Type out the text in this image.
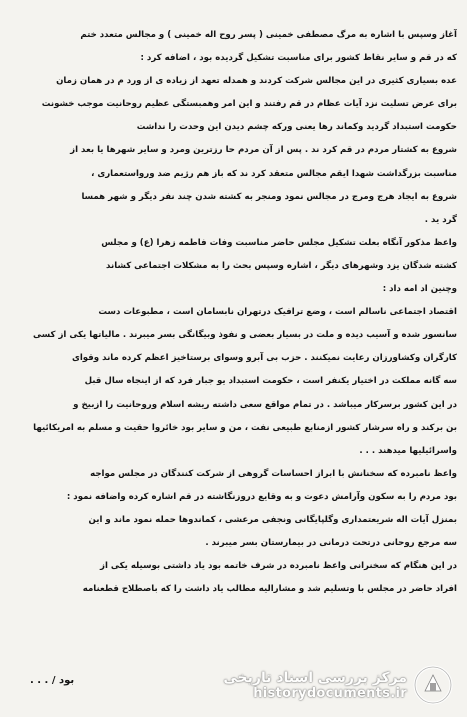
آغاز وسپس با اشاره به مرگ مصطفی خمینی ( پسر روح اله خمینی ) و مجالس متعدد ختم
که در قم و سایر نقاط کشور برای مناسبت تشکیل گردیده بود ، اضافه کرد :
عده بسیاری کثیری در این مجالس شرکت کردند و همدله تعهد از زیاده ی از ورد م در همان زمان
برای عرض تسلیت نزد آیات عظام در قم رفتند و این امر وهمبستگی عظیم روحانیت موجب خشونت
حکومت استبداد گردید وکماند رها یعنی ورکه چشم دیدن این وحدت را نداشت
شروع به کشتار مردم در قم کرد ند . پس از آن مردم حا رزترین ومرد و سایر شهرها یا بعد از
مناسبت بزرگداشت شهدا ایقم مجالس متعقد کرد ند که باز هم رژیم ضد ورواستعماری ،
شروع به ایجاد هرج ومرج در مجالس نمود ومنجر به کشته شدن چند نفر دیگر و شهر همسا
گرد ید .
واعظ مذکور آنگاه بعلت تشکیل مجلس حاضر مناسبت وفات فاطمه زهرا (ع) و مجلس
کشته شدگان یزد وشهرهای دیگر ، اشاره وسپس بحث را به مشکلات اجتماعی کشاند
وچنین اد امه داد :
اقتصاد اجتماعی ناسالم است ، وضع ترافیک درتهران نابسامان است ، مطبوعات دست
سانسور شده و آسیب دیده و ملت در بسیار بعضی و نفوذ وبیگانگی بسر میبرند . مالیاتها یکی از کسی
کارگران وکشاورزان رعایت نمیکنند . حزب بی آبرو وسوای برستاخیز اعظم کرده ماند وقوای
سه گانه مملکت در اختیار یکنفر است ، حکومت استبداد یو جبار فرد که از اینجاه سال قبل
در این کشور برسرکار میباشد . در تمام مواقع سعی داشته ریشه اسلام وروحانیت را ازبیخ و
بن برکند و راه سرشار کشور ازمنابع طبیعی نفت ، من و سایر بود خائروا حقیت و مسلم به امریکائیها
واسرائیلیها میدهند . . .
واعظ نامبرده که سخنانش با ابراز احساسات گروهی از شرکت کنندگان در مجلس مواجه
بود مردم را به سکون وآرامش دعوت و به وقایع دروزنگاشته در قم اشاره کرده واضافه نمود :
بمنزل آیات اله شریعتمداری وگلپایگانی ونجفی مرعشی ، کماندوها حمله نمود ماند و این
سه مرجع روحانی درتحت درمانی در بیمارستان بسر میبرند .
در این هنگام که سخنرانی واعظ نامبرده در شرف خاتمه بود یاد داشتی بوسیله یکی از
افراد حاضر در مجلس با وتسلیم شد و مشارالیه مطالب یاد داشت را که باصطلاح قطعنامه
بود / . . .	مرکز بررسی اسناد تاریخی
historydocuments.ir
